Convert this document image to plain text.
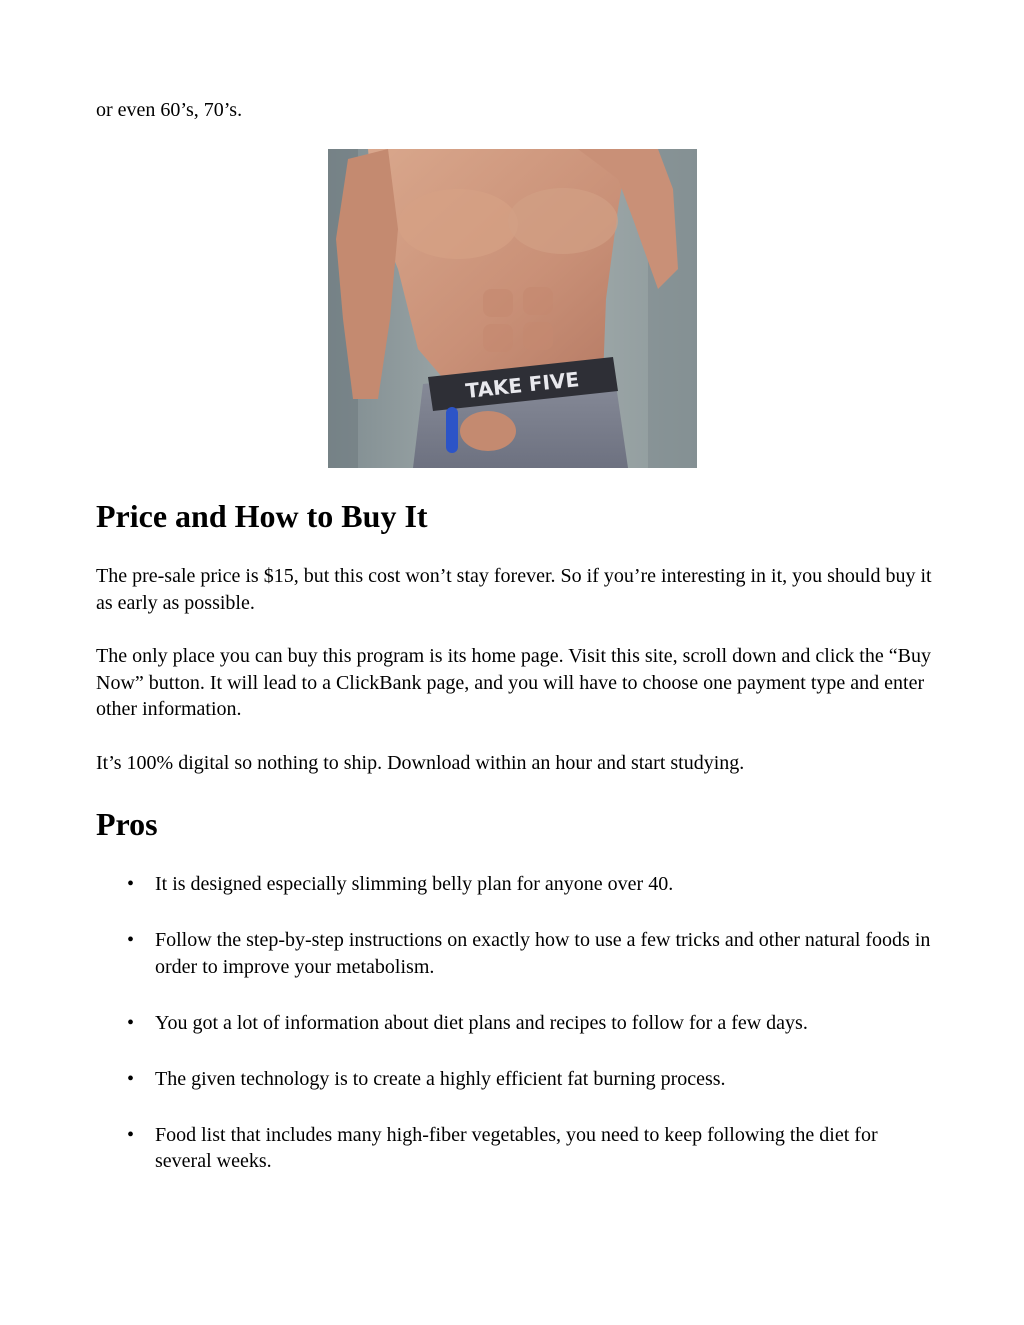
or even 60’s, 70’s.

TAKE FIVE
Price and How to Buy It

The pre-sale price is $15, but this cost won’t stay forever. So if you’re interesting in it, you should buy it as early as possible.

The only place you can buy this program is its home page. Visit this site, scroll down and click the “Buy Now” button. It will lead to a ClickBank page, and you will have to choose one payment type and enter other information.

It’s 100% digital so nothing to ship. Download within an hour and start studying.

Pros
• It is designed especially slimming belly plan for anyone over 40.
• Follow the step-by-step instructions on exactly how to use a few tricks and other natural foods in order to improve your metabolism.
• You got a lot of information about diet plans and recipes to follow for a few days.
• The given technology is to create a highly efficient fat burning process.
• Food list that includes many high-fiber vegetables, you need to keep following the diet for several weeks.
